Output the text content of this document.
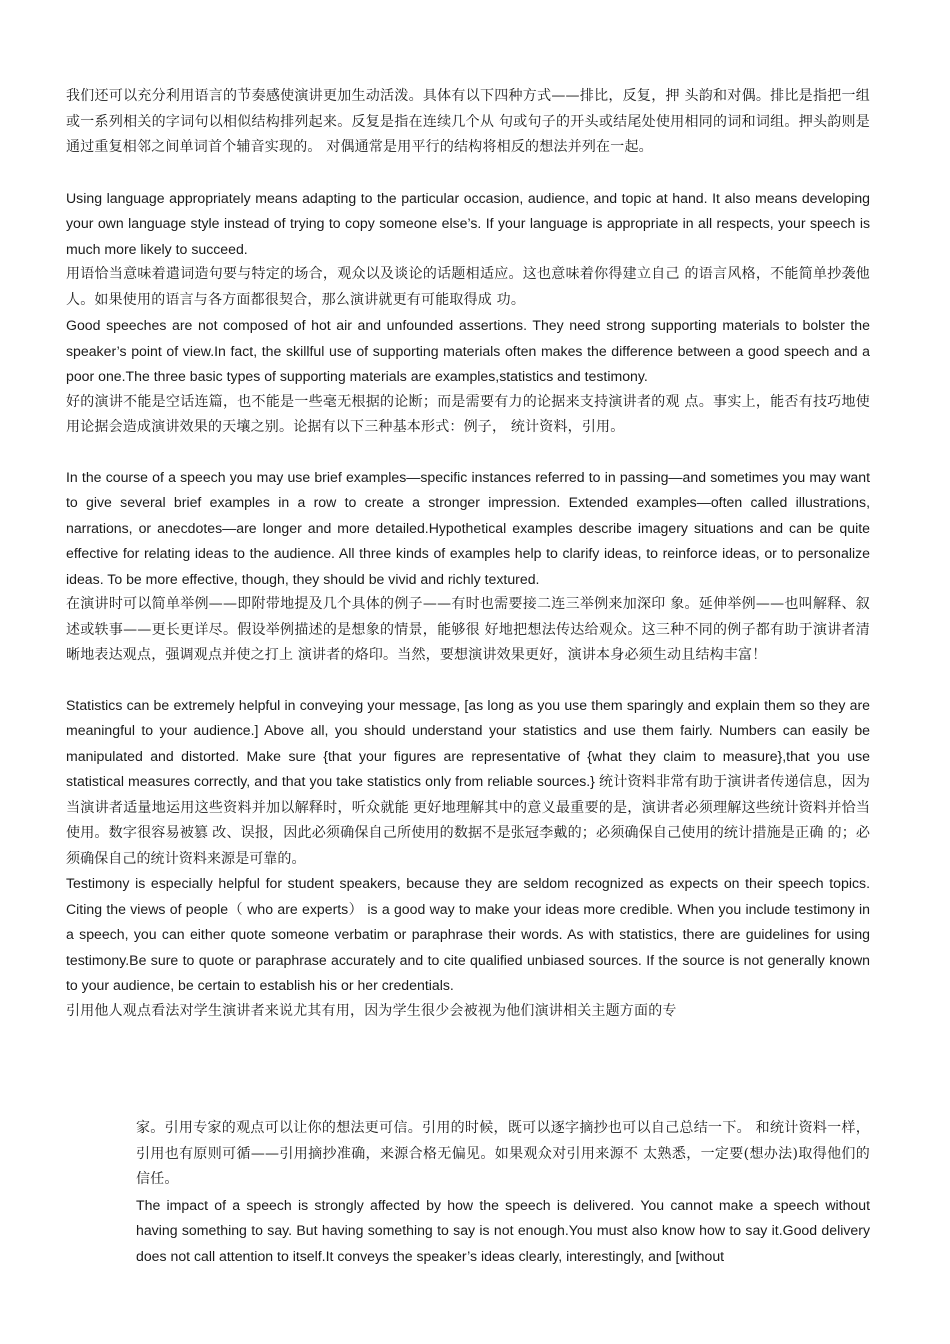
我们还可以充分利用语言的节奏感使演讲更加生动活泼。具体有以下四种方式——排比，反复，押 头韵和对偶。排比是指把一组或一系列相关的字词句以相似结构排列起来。反复是指在连续几个从 句或句子的开头或结尾处使用相同的词和词组。押头韵则是通过重复相邻之间单词首个辅音实现的。 对偶通常是用平行的结构将相反的想法并列在一起。

Using language appropriately means adapting to the particular occasion, audience, and topic at hand. It also means developing your own language style instead of trying to copy someone else’s. If your language is appropriate in all respects, your speech is much more likely to succeed.

用语恰当意味着遣词造句要与特定的场合，观众以及谈论的话题相适应。这也意味着你得建立自己 的语言风格，不能简单抄袭他人。如果使用的语言与各方面都很契合，那么演讲就更有可能取得成 功。

Good speeches are not composed of hot air and unfounded assertions. They need strong supporting materials to bolster the speaker’s point of view.In fact, the skillful use of supporting materials often makes the difference between a good speech and a poor one.The three basic types of supporting materials are examples,statistics and testimony.

好的演讲不能是空话连篇，也不能是一些毫无根据的论断；而是需要有力的论据来支持演讲者的观 点。事实上，能否有技巧地使用论据会造成演讲效果的天壤之别。论据有以下三种基本形式：例子， 统计资料，引用。

In the course of a speech you may use brief examples—specific instances referred to in passing—and sometimes you may want to give several brief examples in a row to create a stronger impression. Extended examples—often called illustrations, narrations, or anecdotes—are longer and more detailed.Hypothetical examples describe imagery situations and can be quite effective for relating ideas to the audience. All three kinds of examples help to clarify ideas, to reinforce ideas, or to personalize ideas. To be more effective, though, they should be vivid and richly textured.

在演讲时可以简单举例——即附带地提及几个具体的例子——有时也需要接二连三举例来加深印 象。延伸举例——也叫解释、叙述或轶事——更长更详尽。假设举例描述的是想象的情景，能够很 好地把想法传达给观众。这三种不同的例子都有助于演讲者清晰地表达观点，强调观点并使之打上 演讲者的烙印。当然，要想演讲效果更好，演讲本身必须生动且结构丰富！

Statistics can be extremely helpful in conveying your message, [as long as you use them sparingly and explain them so they are meaningful to your audience.] Above all, you should understand your statistics and use them fairly. Numbers can easily be manipulated and distorted. Make sure {that your figures are representative of {what they claim to measure},that you use statistical measures correctly, and that you take statistics only from reliable sources.} 统计资料非常有助于演讲者传递信息，因为当演讲者适量地运用这些资料并加以解释时，听众就能 更好地理解其中的意义最重要的是，演讲者必须理解这些统计资料并恰当使用。数字很容易被篡 改、误报，因此必须确保自己所使用的数据不是张冠李戴的；必须确保自己使用的统计措施是正确 的；必须确保自己的统计资料来源是可靠的。

Testimony is especially helpful for student speakers, because they are seldom recognized as expects on their speech topics. Citing the views of people（ who are experts） is a good way to make your ideas more credible. When you include testimony in a speech, you can either quote someone verbatim or paraphrase their words. As with statistics, there are guidelines for using testimony.Be sure to quote or paraphrase accurately and to cite qualified unbiased sources. If the source is not generally known to your audience, be certain to establish his or her credentials.

引用他人观点看法对学生演讲者来说尤其有用，因为学生很少会被视为他们演讲相关主题方面的专

家。引用专家的观点可以让你的想法更可信。引用的时候，既可以逐字摘抄也可以自己总结一下。 和统计资料一样，引用也有原则可循——引用摘抄准确，来源合格无偏见。如果观众对引用来源不 太熟悉，一定要(想办法)取得他们的信任。

The impact of a speech is strongly affected by how the speech is delivered. You cannot make a speech without having something to say. But having something to say is not enough.You must also know how to say it.Good delivery does not call attention to itself.It conveys the speaker’s ideas clearly, interestingly, and [without
